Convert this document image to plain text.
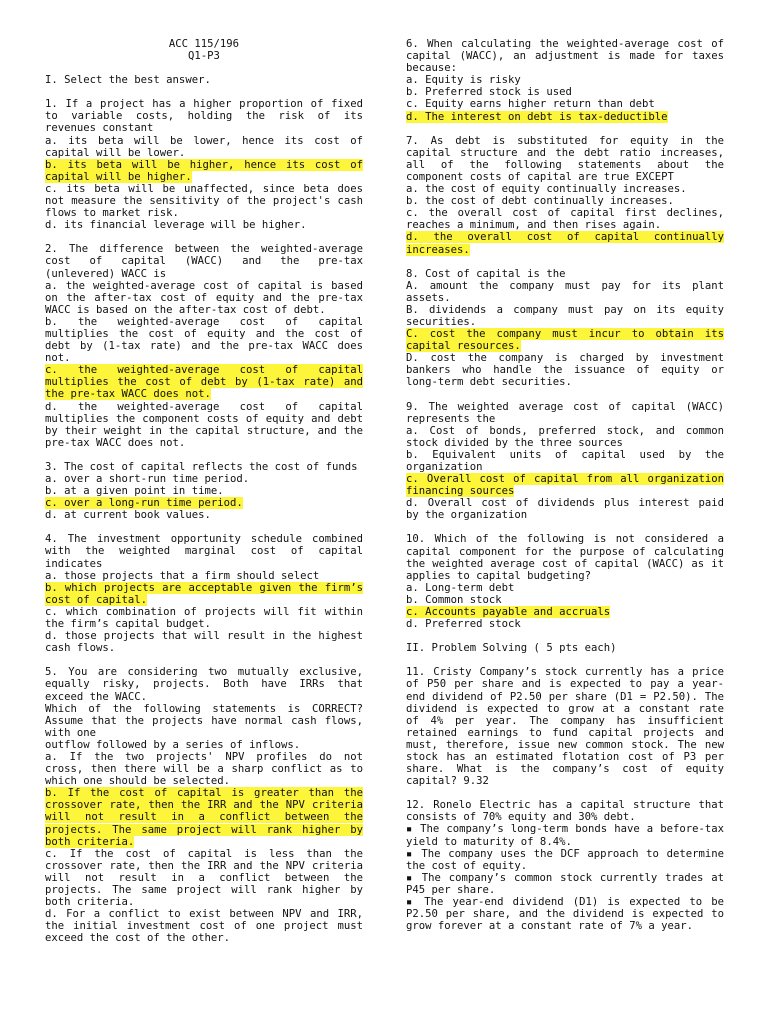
ACC 115/196

Q1-P3

I. Select the best answer.

1. If a project has a higher proportion of fixed to variable costs, holding the risk of its revenues constant

a. its beta will be lower, hence its cost of capital will be lower.

b. its beta will be higher, hence its cost of capital will be higher.

c. its beta will be unaffected, since beta does not measure the sensitivity of the project's cash flows to market risk.

d. its financial leverage will be higher.

2. The difference between the weighted-average cost of capital (WACC) and the pre-tax (unlevered) WACC is

a. the weighted-average cost of capital is based on the after-tax cost of equity and the pre-tax WACC is based on the after-tax cost of debt.

b. the weighted-average cost of capital multiplies the cost of equity and the cost of debt by (1-tax rate) and the pre-tax WACC does not.

c. the weighted-average cost of capital multiplies the cost of debt by (1-tax rate) and the pre-tax WACC does not.

d. the weighted-average cost of capital multiplies the component costs of equity and debt by their weight in the capital structure, and the pre-tax WACC does not.

3. The cost of capital reflects the cost of funds

a. over a short-run time period.

b. at a given point in time.

c. over a long-run time period.

d. at current book values.

4. The investment opportunity schedule combined with the weighted marginal cost of capital indicates

a. those projects that a firm should select

b. which projects are acceptable given the firm’s cost of capital.

c. which combination of projects will fit within the firm’s capital budget.

d. those projects that will result in the highest cash flows.

5. You are considering two mutually exclusive, equally risky, projects. Both have IRRs that exceed the WACC.

Which of the following statements is CORRECT? Assume that the projects have normal cash flows, with one

outflow followed by a series of inflows.

a. If the two projects' NPV profiles do not cross, then there will be a sharp conflict as to which one should be selected.

b. If the cost of capital is greater than the crossover rate, then the IRR and the NPV criteria will not result in a conflict between the projects. The same project will rank higher by both criteria.

c. If the cost of capital is less than the crossover rate, then the IRR and the NPV criteria will not result in a conflict between the projects. The same project will rank higher by both criteria.

d. For a conflict to exist between NPV and IRR, the initial investment cost of one project must exceed the cost of the other.

6. When calculating the weighted-average cost of capital (WACC), an adjustment is made for taxes because:

a. Equity is risky

b. Preferred stock is used

c. Equity earns higher return than debt

d. The interest on debt is tax-deductible

7. As debt is substituted for equity in the capital structure and the debt ratio increases, all of the following statements about the component costs of capital are true EXCEPT

a. the cost of equity continually increases.

b. the cost of debt continually increases.

c. the overall cost of capital first declines, reaches a minimum, and then rises again.

d. the overall cost of capital continually increases.

8. Cost of capital is the

A. amount the company must pay for its plant assets.

B. dividends a company must pay on its equity securities.

C. cost the company must incur to obtain its capital resources.

D. cost the company is charged by investment bankers who handle the issuance of equity or long-term debt securities.

9. The weighted average cost of capital (WACC) represents the

a. Cost of bonds, preferred stock, and common stock divided by the three sources

b. Equivalent units of capital used by the organization

c. Overall cost of capital from all organization financing sources

d. Overall cost of dividends plus interest paid by the organization

10. Which of the following is not considered a capital component for the purpose of calculating the weighted average cost of capital (WACC) as it applies to capital budgeting?

a. Long-term debt

b. Common stock

c. Accounts payable and accruals

d. Preferred stock

II. Problem Solving ( 5 pts each)

11. Cristy Company’s stock currently has a price of P50 per share and is expected to pay a year-end dividend of P2.50 per share (D1 = P2.50). The dividend is expected to grow at a constant rate of 4% per year. The company has insufficient retained earnings to fund capital projects and must, therefore, issue new common stock. The new stock has an estimated flotation cost of P3 per share. What is the company’s cost of equity capital? 9.32

12. Ronelo Electric has a capital structure that consists of 70% equity and 30% debt.

▪ The company’s long-term bonds have a before-tax yield to maturity of 8.4%.

▪ The company uses the DCF approach to determine the cost of equity.

▪ The company’s common stock currently trades at P45 per share.

▪ The year-end dividend (D1) is expected to be P2.50 per share, and the dividend is expected to grow forever at a constant rate of 7% a year.
